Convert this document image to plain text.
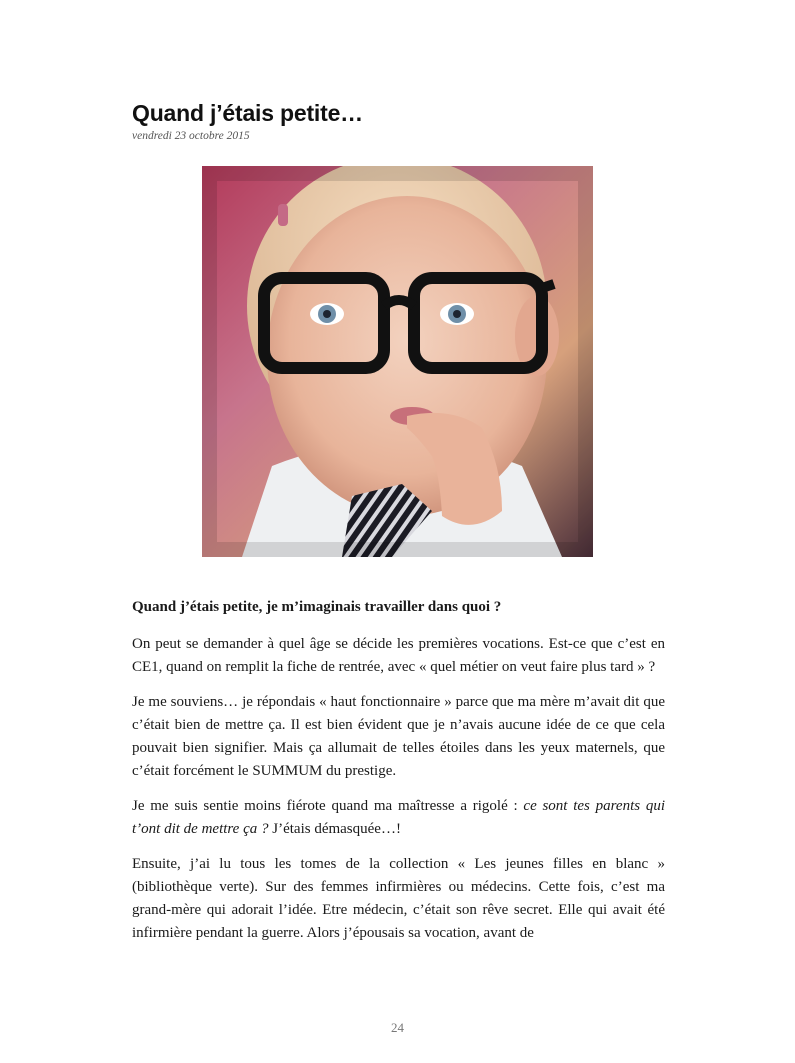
Quand j’étais petite…
vendredi 23 octobre 2015

Quand j’étais petite, je m’imaginais travailler dans quoi ?

On peut se demander à quel âge se décide les premières vocations. Est-ce que c’est en CE1, quand on remplit la fiche de rentrée, avec « quel métier on veut faire plus tard » ?

Je me souviens… je répondais « haut fonctionnaire » parce que ma mère m’avait dit que c’était bien de mettre ça. Il est bien évident que je n’avais aucune idée de ce que cela pouvait bien signifier. Mais ça allumait de telles étoiles dans les yeux maternels, que c’était forcément le SUMMUM du prestige.

Je me suis sentie moins fiérote quand ma maîtresse a rigolé : ce sont tes parents qui t’ont dit de mettre ça ? J’étais démasquée…!

Ensuite, j’ai lu tous les tomes de la collection « Les jeunes filles en blanc » (bibliothèque verte). Sur des femmes infirmières ou médecins. Cette fois, c’est ma grand-mère qui adorait l’idée. Etre médecin, c’était son rêve secret. Elle qui avait été infirmière pendant la guerre. Alors j’épousais sa vocation, avant de

24
